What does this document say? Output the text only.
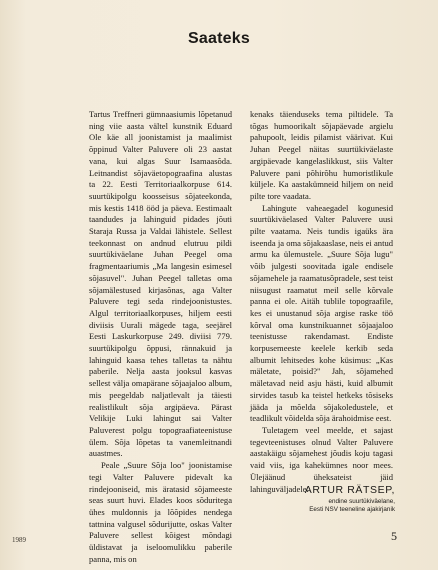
Saateks

Tartus Treffneri gümnaasiumis lõpetanud ning viie aasta vältel kunstnik Eduard Ole käe all joonistamist ja maalimist õppinud Valter Paluvere oli 23 aastat vana, kui algas Suur Isamaasõda. Leitnandist sõjaväetopograafina alustas ta 22. Eesti Territoriaalkorpuse 614. suurtükipolgu koosseisus sõjateekonda, mis kestis 1418 ööd ja päeva. Eestimaalt taandudes ja lahinguid pidades jõuti Staraja Russa ja Valdai lähistele. Sellest teekonnast on andnud elutruu pildi suurtükiväelane Juhan Peegel oma fragmentaariumis „Ma langesin esimesel sõjasuvel". Juhan Peegel talletas oma sõjamälestused kirjasõnas, aga Valter Paluvere tegi seda rindejoonistustes. Algul territoriaalkorpuses, hiljem eesti diviisis Uurali mägede taga, seejärel Eesti Laskurkorpuse 249. diviisi 779. suurtükipolgu õppusi, rännakuid ja lahinguid kaasa tehes talletas ta nähtu paberile. Nelja aasta jooksul kasvas sellest välja omapärane sõjaajaloo album, mis peegeldab naljatlevalt ja täiesti realistlikult sõja argipäeva. Pärast Velikije Luki lahingut sai Valter Paluverest polgu topograafiateenistuse ülem. Sõja lõpetas ta vanemleitnandi auastmes.

Peale „Suure Sõja loo" joonistamise tegi Valter Paluvere pidevalt ka rindejooniseid, mis äratasid sõjameeste seas suurt huvi. Elades koos sõduritega ühes muldonnis ja lõõpides nendega tattnina valgusel sõdurijutte, oskas Valter Paluvere sellest kõigest mõndagi üldistavat ja iseloomulikku paberile panna, mis on

kenaks täienduseks tema piltidele. Ta tõgas humoorikalt sõjapäevade argielu pahupoolt, leidis pilamist väärivat. Kui Juhan Peegel näitas suurtükiväelaste argipäevade kangelaslikkust, siis Valter Paluvere pani põhirõhu humoristlikule küljele. Ka aastakümneid hiljem on neid pilte tore vaadata.

Lahingute vaheaegadel kogunesid suurtükiväelased Valter Paluvere uusi pilte vaatama. Neis tundis igaüks ära iseenda ja oma sõjakaaslase, neis ei antud armu ka ülemustele. „Suure Sõja lugu" võib julgesti soovitada igale endisele sõjamehele ja raamatusõpradele, sest teist niisugust raamatut meil selle kõrvale panna ei ole. Aitäh tublile topograafile, kes ei unustanud sõja argise raske töö kõrval oma kunstnikuannet sõjaajaloo teenistusse rakendamast. Endiste korpusemeeste keelele kerkib seda albumit lehitsedes kohe küsimus: „Kas mäletate, poisid?" Jah, sõjamehed mäletavad neid asju hästi, kuid albumit sirvides tasub ka teistel hetkeks tõsiseks jääda ja mõelda sõjakoledustele, et teadlikult võidelda sõja ärahoidmise eest.

Tuletagem veel meelde, et sajast tegevteenistuses olnud Valter Paluvere aastakäigu sõjamehest jõudis koju tagasi vaid viis, iga kahekümnes noor mees. Ülejäänud üheksateist jäid lahinguväljadele.

ARTUR RÄTSEP,
endine suurtükiväelane,
Eesti NSV teeneline ajakirjanik
5
1989
